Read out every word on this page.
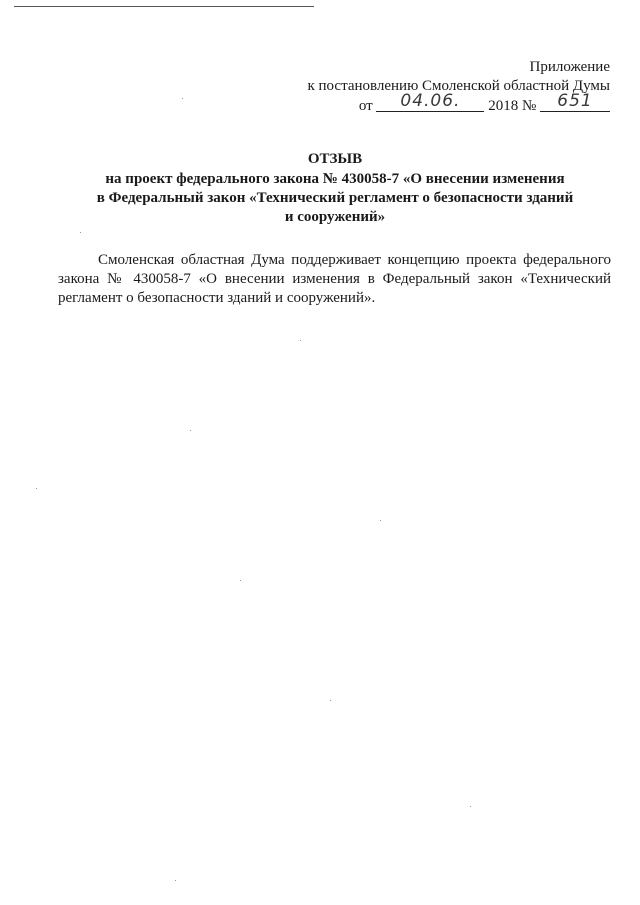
Приложение
к постановлению Смоленской областной Думы
от 04.06. 2018 № 651
ОТЗЫВ
на проект федерального закона № 430058-7 «О внесении изменения
в Федеральный закон «Технический регламент о безопасности зданий
и сооружений»
Смоленская областная Дума поддерживает концепцию проекта федерального закона № 430058-7 «О внесении изменения в Федеральный закон «Технический регламент о безопасности зданий и сооружений».
